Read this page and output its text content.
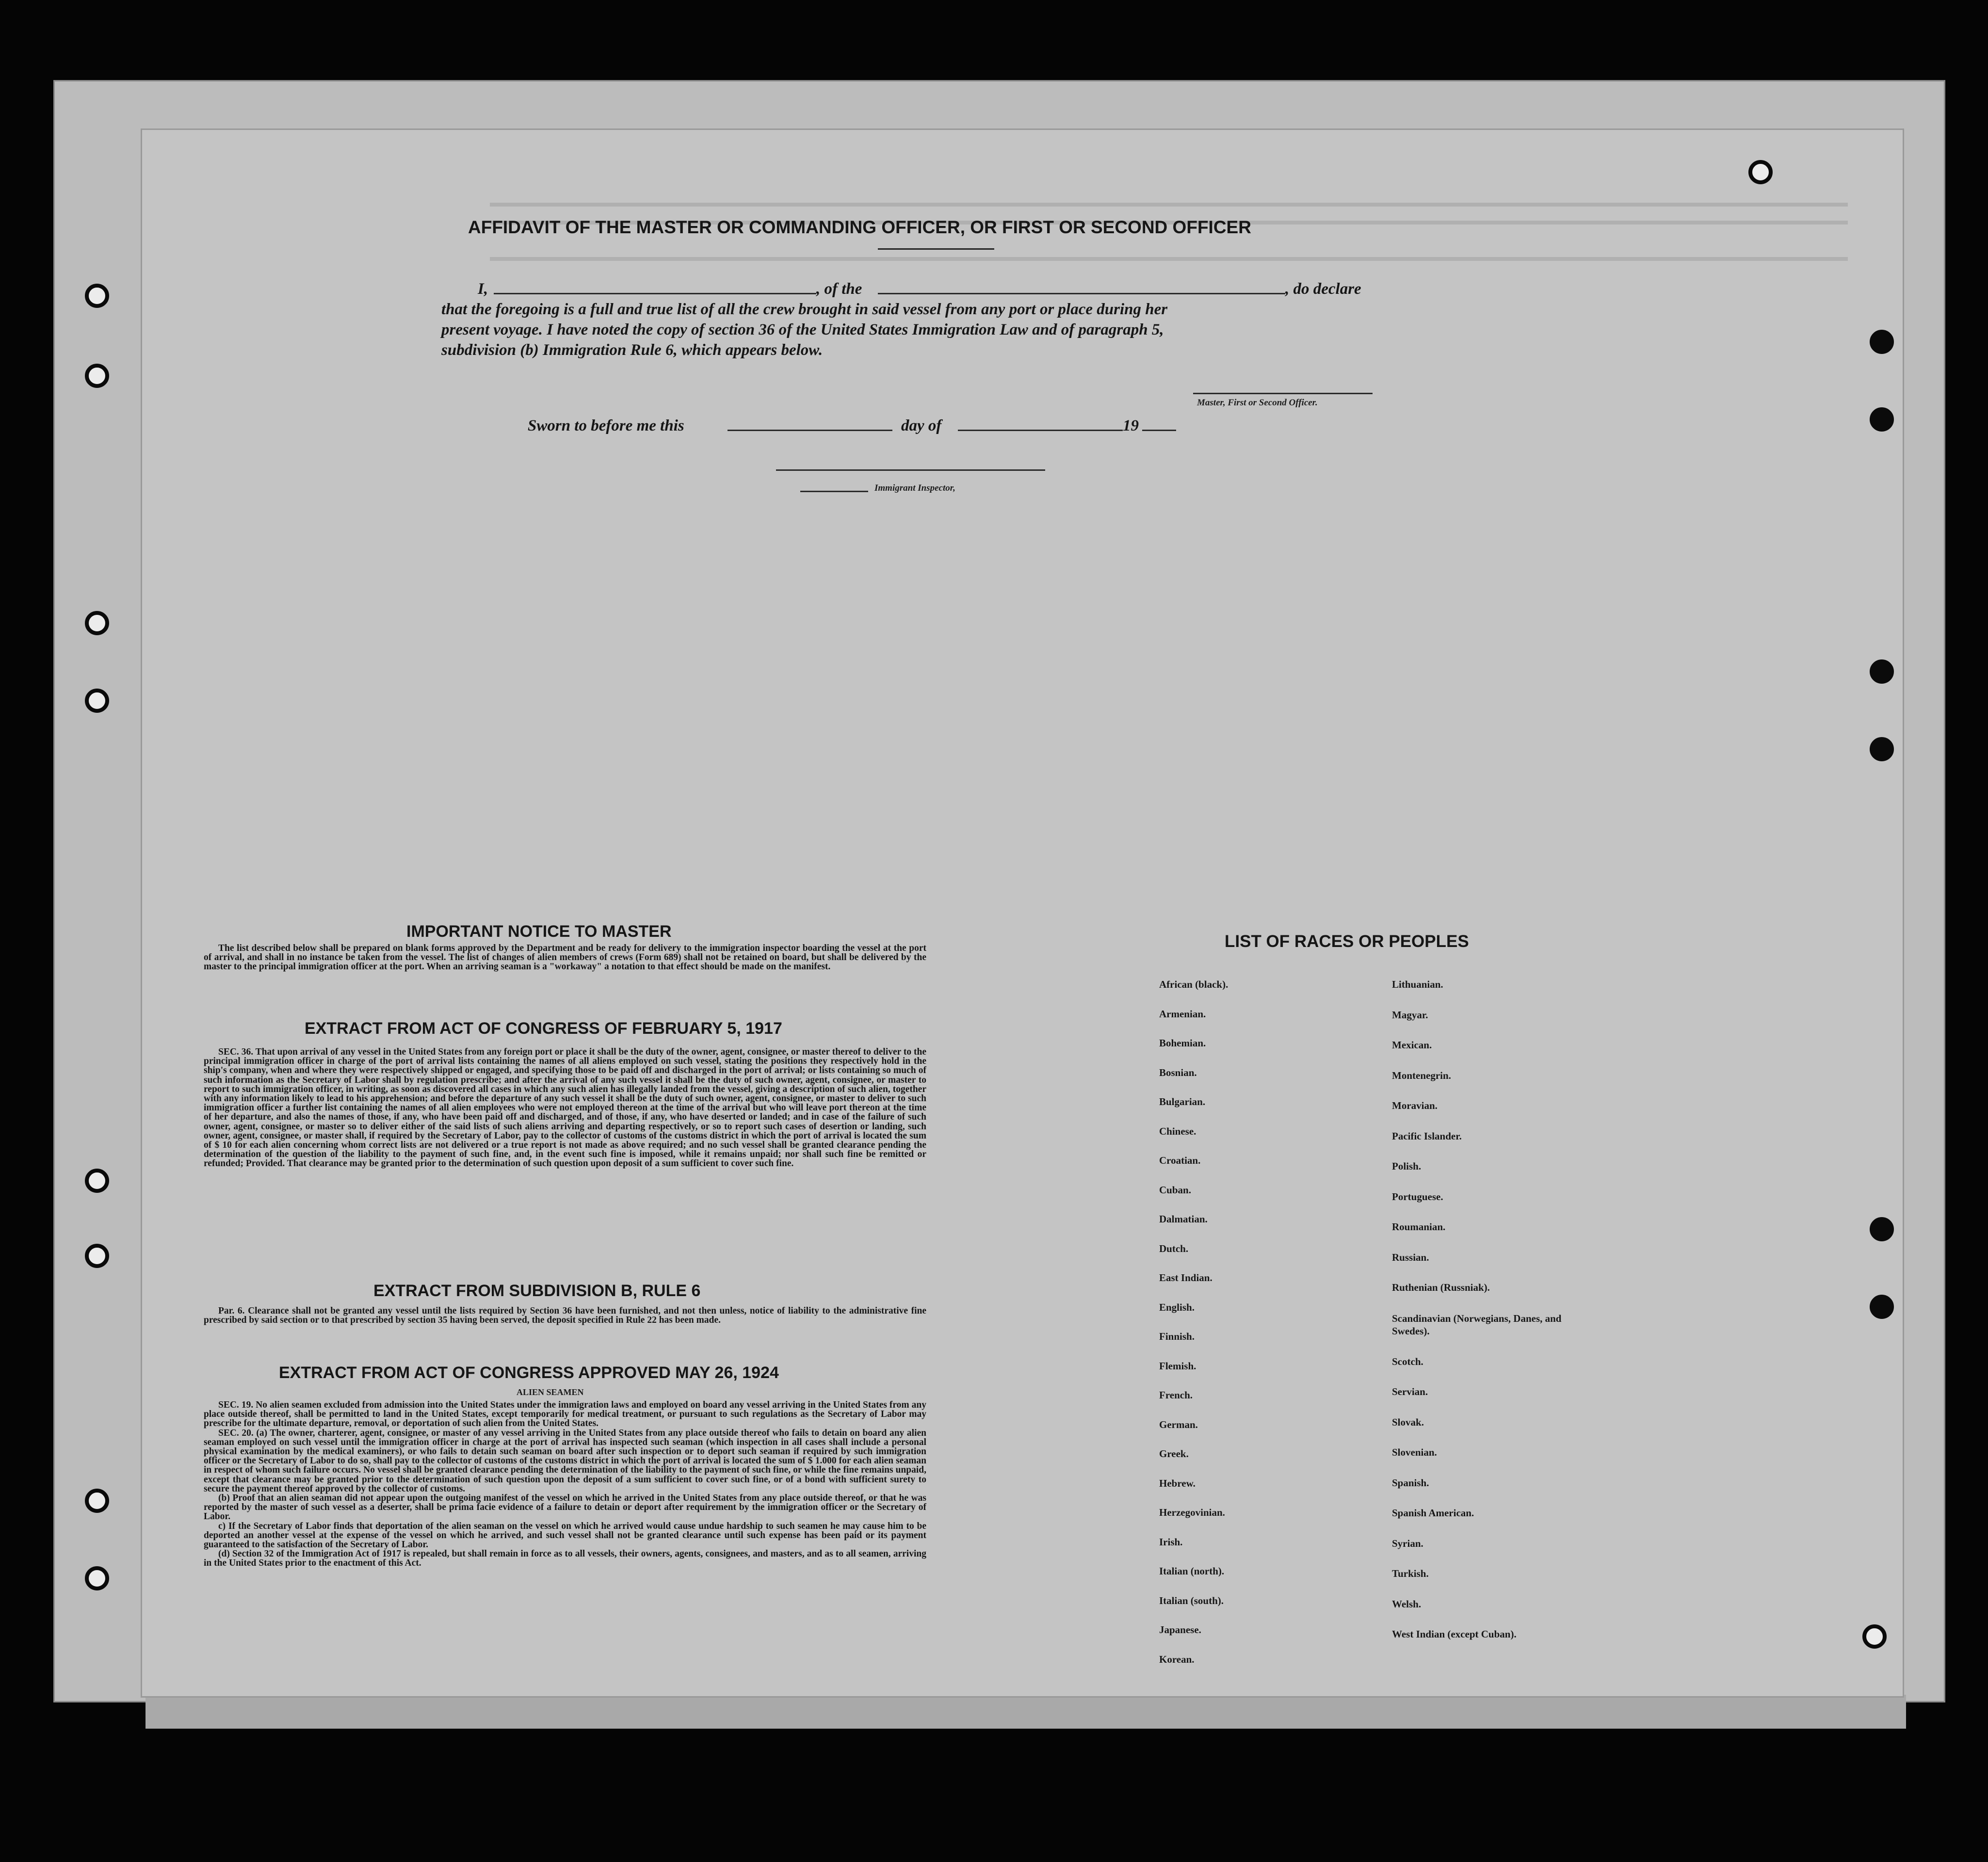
AFFIDAVIT OF THE MASTER OR COMMANDING OFFICER, OR FIRST OR SECOND OFFICER
I,	, of the	, do declare
that the foregoing is a full and true list of all the crew brought in said vessel from any port or place during her
present voyage. I have noted the copy of section 36 of the United States Immigration Law and of paragraph 5,
subdivision (b) Immigration Rule 6, which appears below.
Master, First or Second Officer.
Sworn to before me this	day of	19
Immigrant Inspector,
IMPORTANT NOTICE TO MASTER

The list described below shall be prepared on blank forms approved by the Department and be ready for delivery to the immigration inspector boarding the vessel at the port of arrival, and shall in no instance be taken from the vessel. The list of changes of alien members of crews (Form 689) shall not be retained on board, but shall be delivered by the master to the principal immigration officer at the port. When an arriving seaman is a "workaway" a notation to that effect should be made on the manifest.

EXTRACT FROM ACT OF CONGRESS OF FEBRUARY 5, 1917

SEC. 36. That upon arrival of any vessel in the United States from any foreign port or place it shall be the duty of the owner, agent, consignee, or master thereof to deliver to the principal immigration officer in charge of the port of arrival lists containing the names of all aliens employed on such vessel, stating the positions they respectively hold in the ship's company, when and where they were respectively shipped or engaged, and specifying those to be paid off and discharged in the port of arrival; or lists containing so much of such information as the Secretary of Labor shall by regulation prescribe; and after the arrival of any such vessel it shall be the duty of such owner, agent, consignee, or master to report to such immigration officer, in writing, as soon as discovered all cases in which any such alien has illegally landed from the vessel, giving a description of such alien, together with any information likely to lead to his apprehension; and before the departure of any such vessel it shall be the duty of such owner, agent, consignee, or master to deliver to such immigration officer a further list containing the names of all alien employees who were not employed thereon at the time of the arrival but who will leave port thereon at the time of her departure, and also the names of those, if any, who have been paid off and discharged, and of those, if any, who have deserted or landed; and in case of the failure of such owner, agent, consignee, or master so to deliver either of the said lists of such aliens arriving and departing respectively, or so to report such cases of desertion or landing, such owner, agent, consignee, or master shall, if required by the Secretary of Labor, pay to the collector of customs of the customs district in which the port of arrival is located the sum of $ 10 for each alien concerning whom correct lists are not delivered or a true report is not made as above required; and no such vessel shall be granted clearance pending the determination of the question of the liability to the payment of such fine, and, in the event such fine is imposed, while it remains unpaid; nor shall such fine be remitted or refunded; Provided. That clearance may be granted prior to the determination of such question upon deposit of a sum sufficient to cover such fine.

EXTRACT FROM SUBDIVISION B, RULE 6

Par. 6. Clearance shall not be granted any vessel until the lists required by Section 36 have been furnished, and not then unless, notice of liability to the administrative fine prescribed by said section or to that prescribed by section 35 having been served, the deposit specified in Rule 22 has been made.

EXTRACT FROM ACT OF CONGRESS APPROVED MAY 26, 1924
ALIEN SEAMEN

SEC. 19. No alien seamen excluded from admission into the United States under the immigration laws and employed on board any vessel arriving in the United States from any place outside thereof, shall be permitted to land in the United States, except temporarily for medical treatment, or pursuant to such regulations as the Secretary of Labor may prescribe for the ultimate departure, removal, or deportation of such alien from the United States.

SEC. 20. (a) The owner, charterer, agent, consignee, or master of any vessel arriving in the United States from any place outside thereof who fails to detain on board any alien seaman employed on such vessel until the immigration officer in charge at the port of arrival has inspected such seaman (which inspection in all cases shall include a personal physical examination by the medical examiners), or who fails to detain such seaman on board after such inspection or to deport such seaman if required by such immigration officer or the Secretary of Labor to do so, shall pay to the collector of customs of the customs district in which the port of arrival is located the sum of $ 1.000 for each alien seaman in respect of whom such failure occurs. No vessel shall be granted clearance pending the determination of the liability to the payment of such fine, or while the fine remains unpaid, except that clearance may be granted prior to the determination of such question upon the deposit of a sum sufficient to cover such fine, or of a bond with sufficient surety to secure the payment thereof approved by the collector of customs.

(b) Proof that an alien seaman did not appear upon the outgoing manifest of the vessel on which he arrived in the United States from any place outside thereof, or that he was reported by the master of such vessel as a deserter, shall be prima facie evidence of a failure to detain or deport after requirement by the immigration officer or the Secretary of Labor.

c) If the Secretary of Labor finds that deportation of the alien seaman on the vessel on which he arrived would cause undue hardship to such seamen he may cause him to be deported an another vessel at the expense of the vessel on which he arrived, and such vessel shall not be granted clearance until such expense has been paid or its payment guaranteed to the satisfaction of the Secretary of Labor.

(d) Section 32 of the Immigration Act of 1917 is repealed, but shall remain in force as to all vessels, their owners, agents, consignees, and masters, and as to all seamen, arriving in the United States prior to the enactment of this Act.

LIST OF RACES OR PEOPLES
African (black).
Armenian.
Bohemian.
Bosnian.
Bulgarian.
Chinese.
Croatian.
Cuban.
Dalmatian.
Dutch.
East Indian.
English.
Finnish.
Flemish.
French.
German.
Greek.
Hebrew.
Herzegovinian.
Irish.
Italian (north).
Italian (south).
Japanese.
Korean.
Lithuanian.
Magyar.
Mexican.
Montenegrin.
Moravian.
Pacific Islander.
Polish.
Portuguese.
Roumanian.
Russian.
Ruthenian (Russniak).
Scandinavian (Norwegians, Danes, and Swedes).
Scotch.
Servian.
Slovak.
Slovenian.
Spanish.
Spanish American.
Syrian.
Turkish.
Welsh.
West Indian (except Cuban).
